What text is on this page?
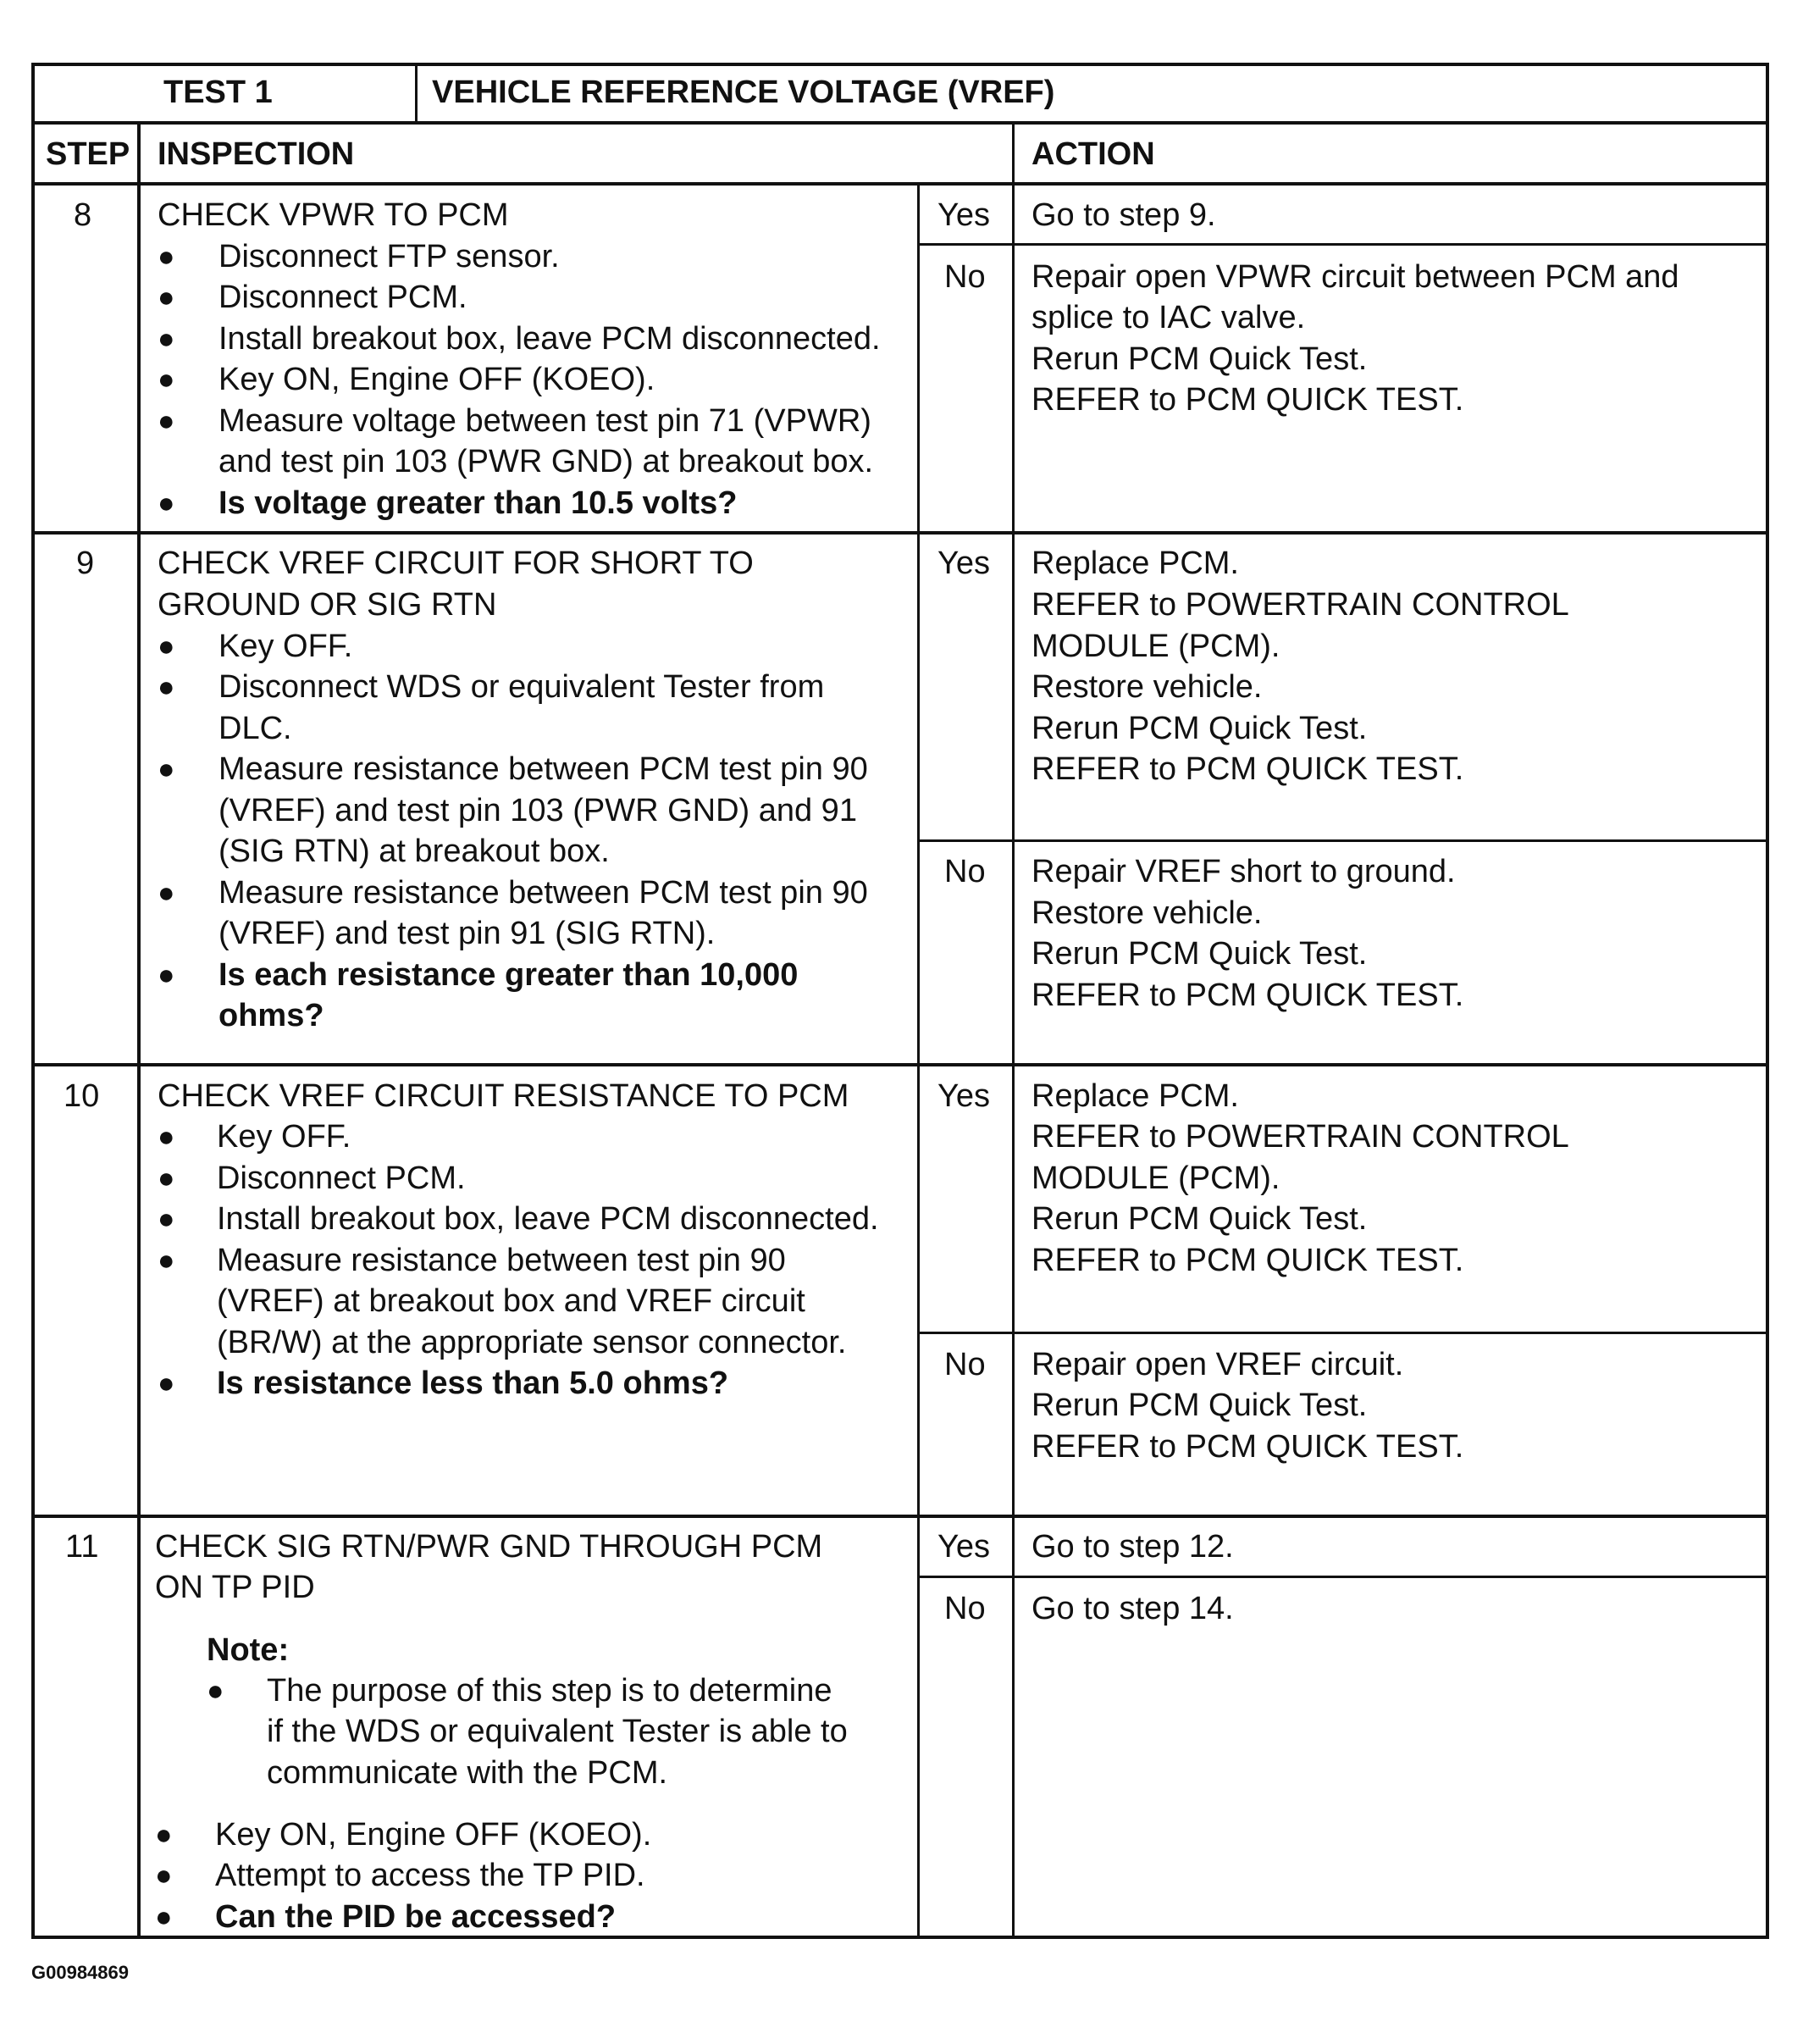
TEST 1	VEHICLE REFERENCE VOLTAGE (VREF)
STEP INSPECTION	ACTION
8 CHECK VPWR TO PCM
● Disconnect FTP sensor.
● Disconnect PCM.
● Install breakout box, leave PCM disconnected.
● Key ON, Engine OFF (KOEO).
● Measure voltage between test pin 71 (VPWR)
and test pin 103 (PWR GND) at breakout box.
● Is voltage greater than 10.5 volts?
Yes Go to step 9.
No Repair open VPWR circuit between PCM and
splice to IAC valve.
Rerun PCM Quick Test.
REFER to PCM QUICK TEST.
9 CHECK VREF CIRCUIT FOR SHORT TO
GROUND OR SIG RTN
● Key OFF.
● Disconnect WDS or equivalent Tester from
DLC.
● Measure resistance between PCM test pin 90
(VREF) and test pin 103 (PWR GND) and 91
(SIG RTN) at breakout box.
● Measure resistance between PCM test pin 90
(VREF) and test pin 91 (SIG RTN).
● Is each resistance greater than 10,000
ohms?
Yes Replace PCM.
REFER to POWERTRAIN CONTROL
MODULE (PCM).
Restore vehicle.
Rerun PCM Quick Test.
REFER to PCM QUICK TEST.
No Repair VREF short to ground.
Restore vehicle.
Rerun PCM Quick Test.
REFER to PCM QUICK TEST.
10 CHECK VREF CIRCUIT RESISTANCE TO PCM
● Key OFF.
● Disconnect PCM.
● Install breakout box, leave PCM disconnected.
● Measure resistance between test pin 90
(VREF) at breakout box and VREF circuit
(BR/W) at the appropriate sensor connector.
● Is resistance less than 5.0 ohms?
Yes Replace PCM.
REFER to POWERTRAIN CONTROL
MODULE (PCM).
Rerun PCM Quick Test.
REFER to PCM QUICK TEST.
No Repair open VREF circuit.
Rerun PCM Quick Test.
REFER to PCM QUICK TEST.
11 CHECK SIG RTN/PWR GND THROUGH PCM
ON TP PID
Note:
● The purpose of this step is to determine
if the WDS or equivalent Tester is able to
communicate with the PCM.
● Key ON, Engine OFF (KOEO).
● Attempt to access the TP PID.
● Can the PID be accessed?
Yes Go to step 12.
No Go to step 14.
G00984869
